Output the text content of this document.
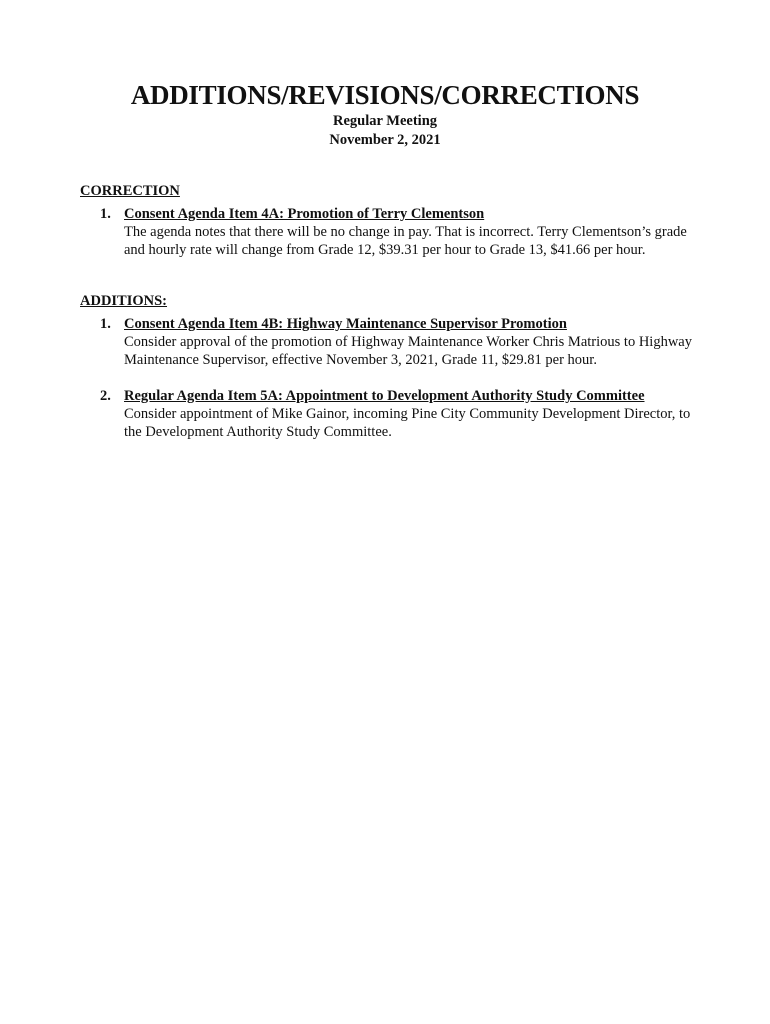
ADDITIONS/REVISIONS/CORRECTIONS

Regular Meeting

November 2, 2021

CORRECTION

1. Consent Agenda Item 4A: Promotion of Terry Clementson
The agenda notes that there will be no change in pay. That is incorrect. Terry Clementson’s grade and hourly rate will change from Grade 12, $39.31 per hour to Grade 13, $41.66 per hour.

ADDITIONS:

1. Consent Agenda Item 4B: Highway Maintenance Supervisor Promotion
Consider approval of the promotion of Highway Maintenance Worker Chris Matrious to Highway Maintenance Supervisor, effective November 3, 2021, Grade 11, $29.81 per hour.
2. Regular Agenda Item 5A: Appointment to Development Authority Study Committee
Consider appointment of Mike Gainor, incoming Pine City Community Development Director, to the Development Authority Study Committee.
